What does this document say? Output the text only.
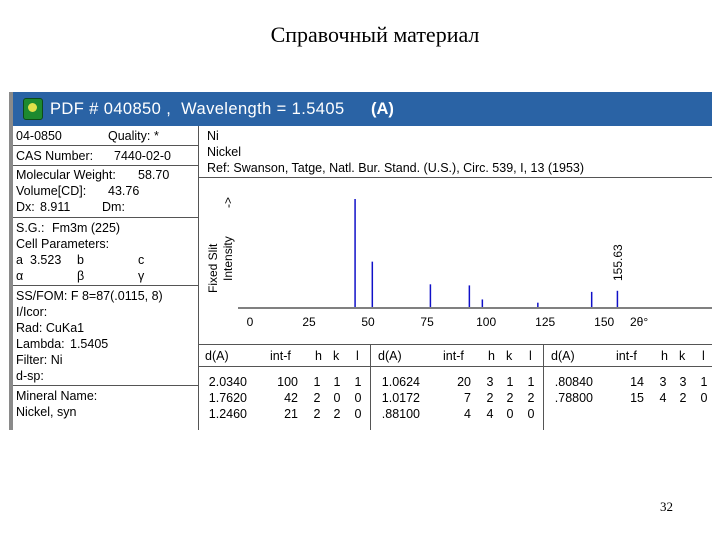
Справочный материал
PDF # 040850 ,  Wavelength = 1.5405 (A)
04-0850	Quality: *
CAS Number: 7440-02-0
Molecular Weight: 58.70
Volume[CD]: 43.76
Dx: 8.911	Dm:
S.G.: Fm3m (225)
Cell Parameters:
a 3.523 b	c
α	β	γ
SS/FOM: F 8=87(.0115, 8)
I/Icor:
Rad: CuKa1
Lambda: 1.5405
Filter: Ni
d-sp:
Mineral Name:
Nickel, syn
Ni
Nickel
Ref: Swanson, Tatge, Natl. Bur. Stand. (U.S.), Circ. 539, I, 13 (1953)
Fixed Slit Intensity
->
155.63
0	25	50	75	100	125	150 2θ°
d(A)	int-f h k l
2.0340	100 1 1 1
1.7620	42 2 0 0
1.2460	21 2 2 0
d(A)	int-f h k l
1.0624	20 3 1 1
1.0172	7 2 2 2
.88100	4 4 0 0
d(A)	int-f h k l
.80840	14 3 3 1
.78800	15 4 2 0
32
